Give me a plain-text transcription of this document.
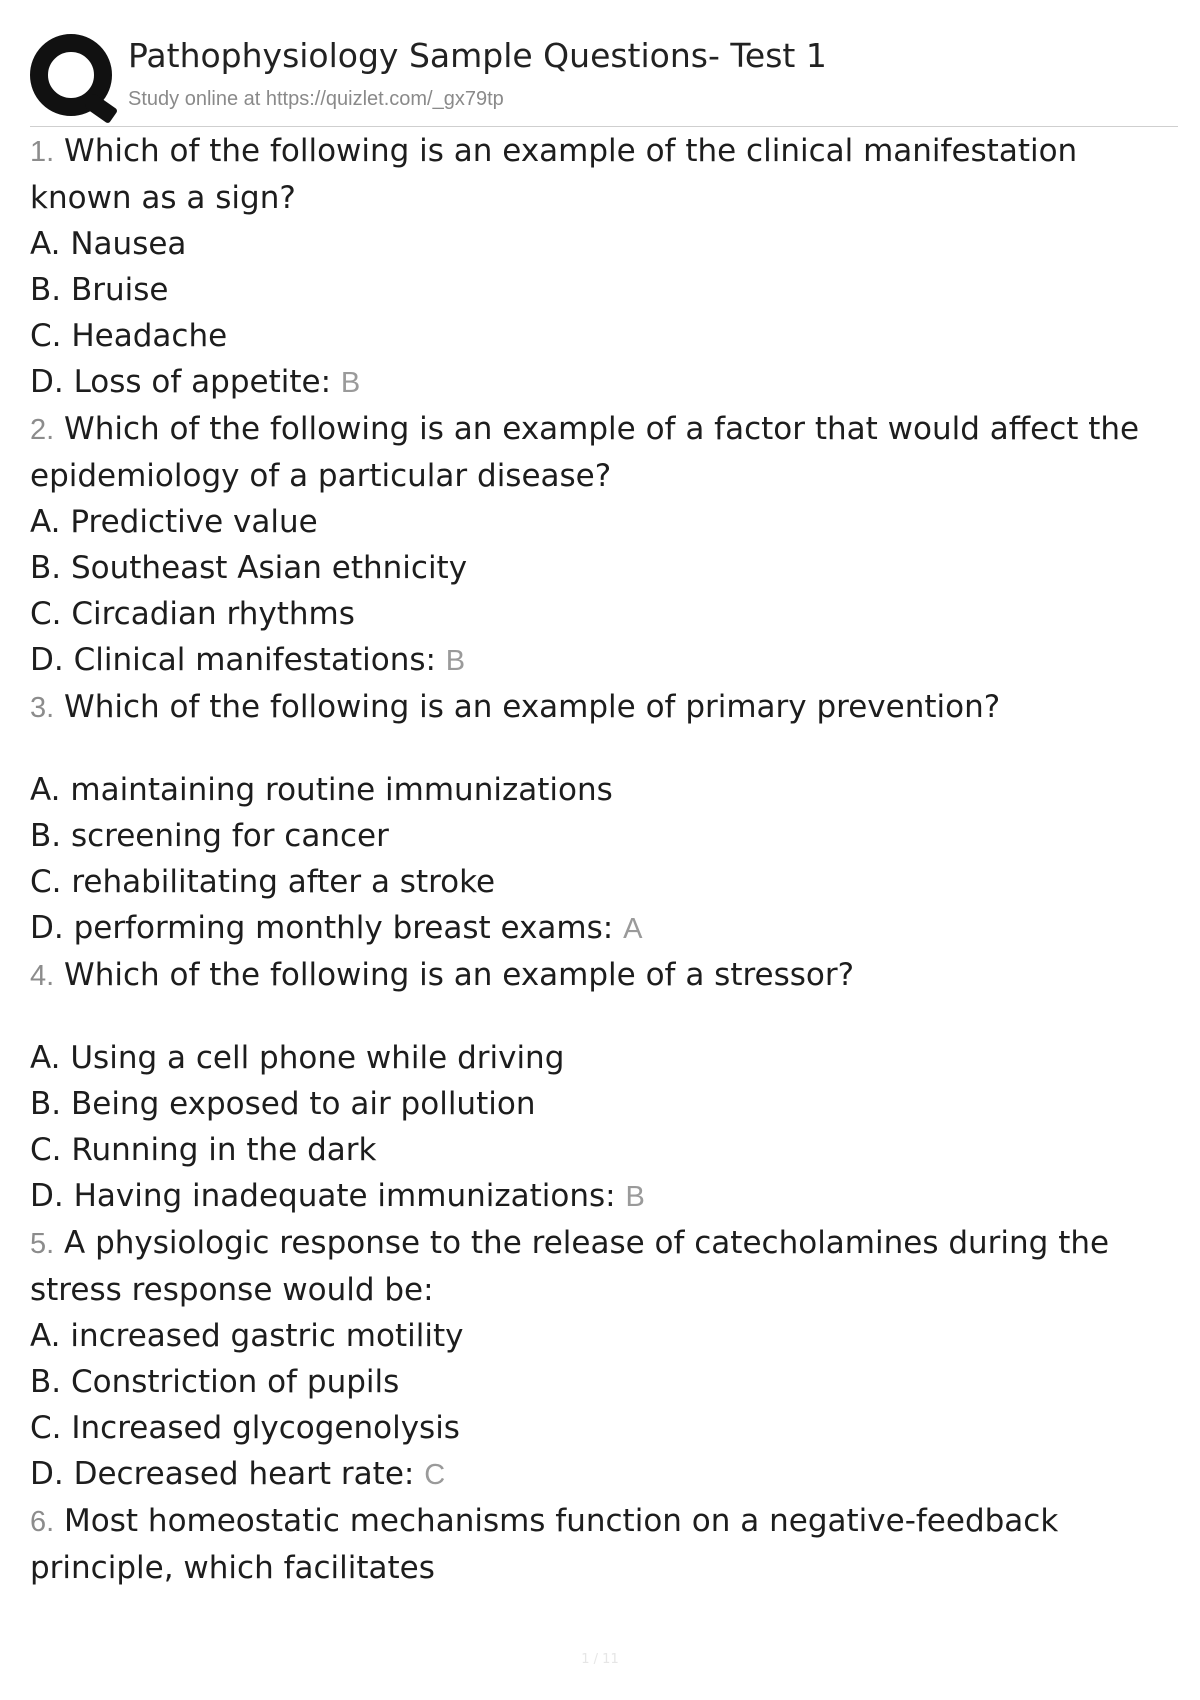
Pathophysiology Sample Questions- Test 1
Study online at https://quizlet.com/_gx79tp
1. Which of the following is an example of the clinical manifestation known as a sign?
A. Nausea
B. Bruise
C. Headache
D. Loss of appetite: B
2. Which of the following is an example of a factor that would affect the epidemiology of a particular disease?
A. Predictive value
B. Southeast Asian ethnicity
C. Circadian rhythms
D. Clinical manifestations: B
3. Which of the following is an example of primary prevention?
A. maintaining routine immunizations
B. screening for cancer
C. rehabilitating after a stroke
D. performing monthly breast exams: A
4. Which of the following is an example of a stressor?
A. Using a cell phone while driving
B. Being exposed to air pollution
C. Running in the dark
D. Having inadequate immunizations: B
5. A physiologic response to the release of catecholamines during the stress response would be:
A. increased gastric motility
B. Constriction of pupils
C. Increased glycogenolysis
D. Decreased heart rate: C
6. Most homeostatic mechanisms function on a negative-feedback principle, which facilitates
1 / 11
